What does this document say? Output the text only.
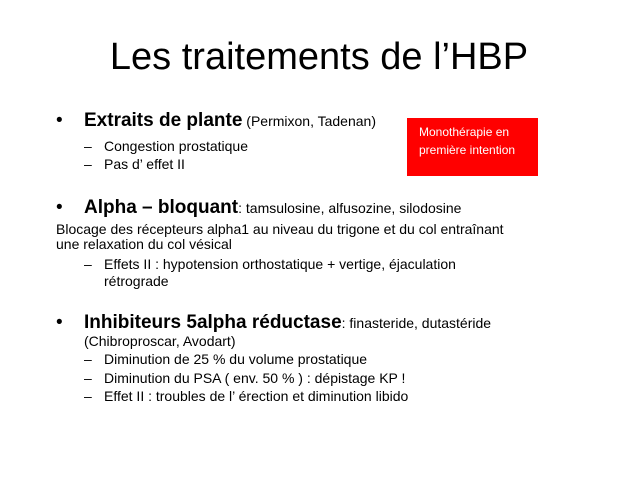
Les traitements de l’HBP
• Extraits de plante (Permixon, Tadenan)
– Congestion prostatique
– Pas d’ effet II
Monothérapie en
première intention
• Alpha – bloquant: tamsulosine, alfusozine, silodosine
Blocage des récepteurs alpha1 au niveau du trigone et du col entraînant
une relaxation du col vésical
– Effets II : hypotension orthostatique + vertige, éjaculation
rétrograde
• Inhibiteurs 5alpha réductase: finasteride, dutastéride
(Chibroproscar, Avodart)
– Diminution de 25 % du volume prostatique
– Diminution du PSA ( env. 50 % ) : dépistage KP !
– Effet II : troubles de l’ érection et diminution libido
